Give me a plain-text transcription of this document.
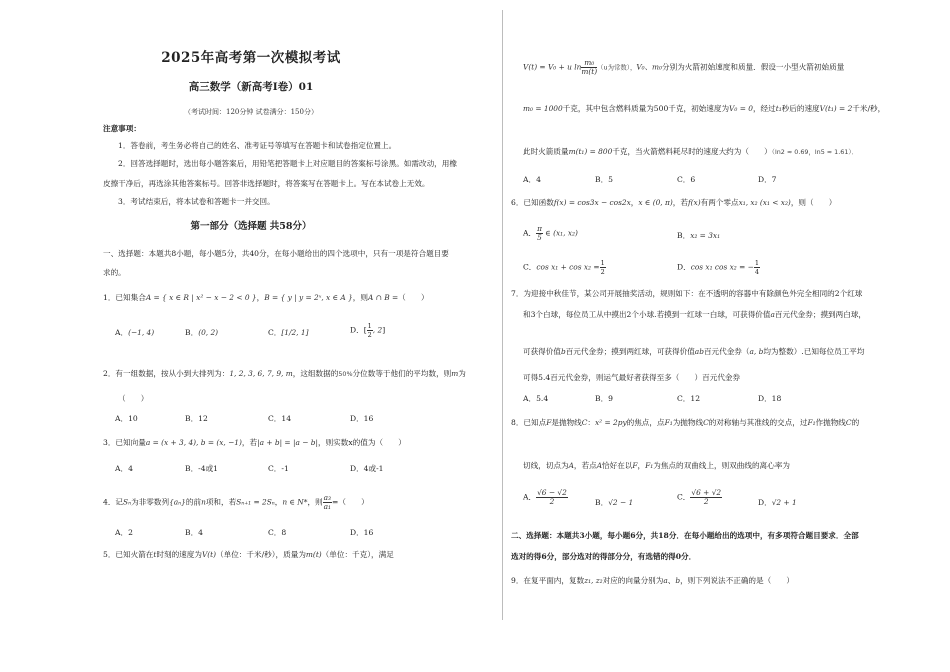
2025年高考第一次模拟考试
高三数学（新高考Ⅰ卷）01
（考试时间：120分钟 试卷满分：150分）
注意事项：
1．答卷前，考生务必将自己的姓名、准考证号等填写在答题卡和试卷指定位置上。
2．回答选择题时，选出每小题答案后，用铅笔把答题卡上对应题目的答案标号涂黑。如需改动，用橡
皮擦干净后，再选涂其他答案标号。回答非选择题时，将答案写在答题卡上。写在本试卷上无效。
3．考试结束后，将本试卷和答题卡一并交回。
第一部分（选择题 共58分）
一、选择题：本题共8小题，每小题5分，共40分，在每小题给出的四个选项中，只有一项是符合题目要
求的。
1．已知集合A = { x ∈ R | x² − x − 2 < 0 }，B = { y | y = 2ˣ, x ∈ A }，则A ∩ B =（　　）
A．(−1, 4)	B．(0, 2)	C．[1/2, 1]	D．[ $\frac{1}{2}$ , 2]
2．有一组数据，按从小到大排列为：1, 2, 3, 6, 7, 9, m，这组数据的50%分位数等于他们的平均数，则m为
（　　）
A．10	B．12	C．14	D．16
3．已知向量a = (x + 3, 4), b = (x, −1)，若|a + b| = |a − b|，则实数x的值为（　　）
A．4	B．-4或1	C．-1	D．4或-1
4．记Sₙ为非零数列{aₙ}的前n项和，若Sₙ₊₁ = 2Sₙ，n ∈ N*，则 $\frac{\text{a₃}}{\text{a₁}}$ =（　　）
A．2	B．4	C．8	D．16
5．已知火箭在t时刻的速度为V(t)（单位：千米/秒），质量为m(t)（单位：千克），满足
V(t) = V₀ + u $\ln \frac{\text{m₀}}{m(t)} (u$为常数），V₀、m₀分别为火箭初始速度和质量．假设一小型火箭初始质量
m₀ = 1000千克，其中包含燃料质量为500千克，初始速度为V₀ = 0，经过t₁秒后的速度V(t₁) = 2千米/秒，
此时火箭质量m(t₁) = 800千克，当火箭燃料耗尽时的速度大约为（　　）（ln2 ≈ 0.69，ln5 ≈ 1.61）．
A．4	B．5	C．6	D．7
6．已知函数f(x) = cos3x − cos2x，x ∈ (0, π)，若f(x)有两个零点x₁, x₂ (x₁ < x₂)，则（　　）
A． $\frac{\pi}{5}$ ∈ (x₁, x₂)	B．x₂ = 3x₁
C．$\cos x_1 + \cos x_2 = \frac{1}{2}$	D．cos x₁ cos x₂ = − $\frac{1}{4}$
7．为迎接中秋佳节，某公司开展抽奖活动，规则如下：在不透明的容器中有除颜色外完全相同的2个红球
和3个白球，每位员工从中摸出2个小球.若摸到一红球一白球，可获得价值a百元代金券；摸到两白球，
可获得价值b百元代金券；摸到两红球，可获得价值ab百元代金券（a, b均为整数）.已知每位员工平均
可得5.4百元代金券，则运气最好者获得至多（　　）百元代金券
A．5.4	B．9	C．12	D．18
8．已知点F是抛物线C：x² = 2py的焦点，点F₁为抛物线C的对称轴与其准线的交点，过F₁作抛物线C的
切线，切点为A，若点A恰好在以F，F₁为焦点的双曲线上，则双曲线的离心率为
A． $\frac{√6 - √2}{2}$	B．√2 − 1
C． $\frac{√6 + √2}{2}$	D．√2 + 1
二、选择题：本题共3小题，每小题6分，共18分．在每小题给出的选项中，有多项符合题目要求．全部
选对的得6分，部分选对的得部分分，有选错的得0分．
9．在复平面内，复数z₁, z₂对应的向量分别为a、b，则下列说法不正确的是（　　）
